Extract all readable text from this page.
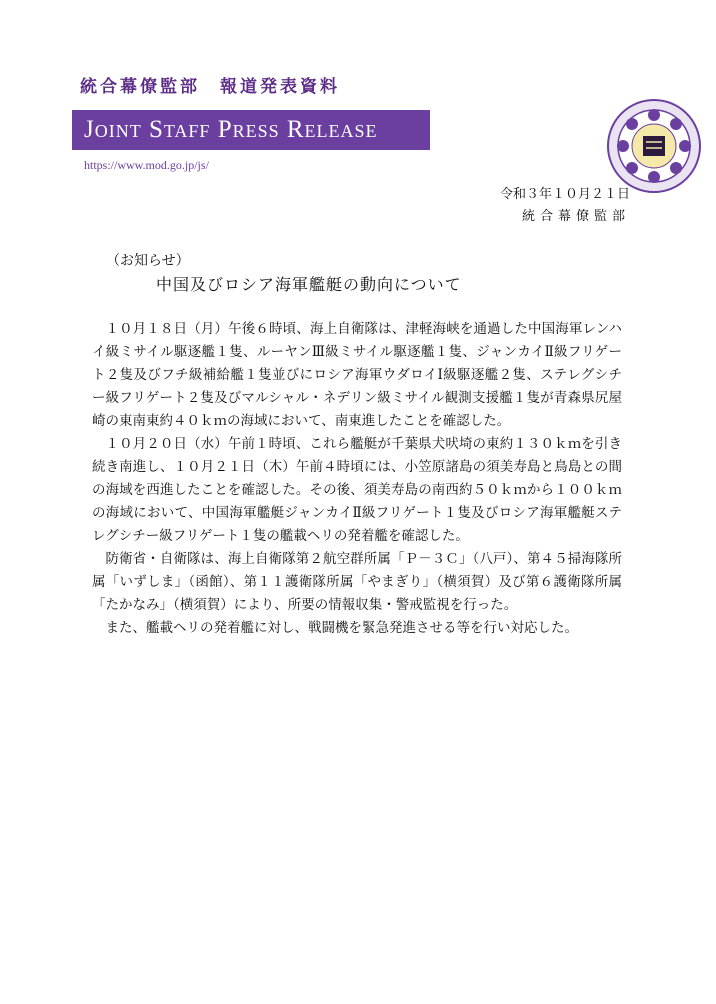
統合幕僚監部　報道発表資料
Joint Staff Press Release
https://www.mod.go.jp/js/
令和３年１０月２１日
統合幕僚監部
（お知らせ）
中国及びロシア海軍艦艇の動向について

１０月１８日（月）午後６時頃、海上自衛隊は、津軽海峡を通過した中国海軍レンハイ級ミサイル駆逐艦１隻、ルーヤンⅢ級ミサイル駆逐艦１隻、ジャンカイⅡ級フリゲート２隻及びフチ級補給艦１隻並びにロシア海軍ウダロイⅠ級駆逐艦２隻、ステレグシチー級フリゲート２隻及びマルシャル・ネデリン級ミサイル観測支援艦１隻が青森県尻屋崎の東南東約４０ｋｍの海域において、南東進したことを確認した。

１０月２０日（水）午前１時頃、これら艦艇が千葉県犬吠埼の東約１３０ｋｍを引き続き南進し、１０月２１日（木）午前４時頃には、小笠原諸島の須美寿島と鳥島との間の海域を西進したことを確認した。その後、須美寿島の南西約５０ｋｍから１００ｋｍの海域において、中国海軍艦艇ジャンカイⅡ級フリゲート１隻及びロシア海軍艦艇ステレグシチー級フリゲート１隻の艦載ヘリの発着艦を確認した。

防衛省・自衛隊は、海上自衛隊第２航空群所属「Ｐ－３Ｃ」（八戸）、第４５掃海隊所属「いずしま」（函館）、第１１護衛隊所属「やまぎり」（横須賀）及び第６護衛隊所属「たかなみ」（横須賀）により、所要の情報収集・警戒監視を行った。

また、艦載ヘリの発着艦に対し、戦闘機を緊急発進させる等を行い対応した。
